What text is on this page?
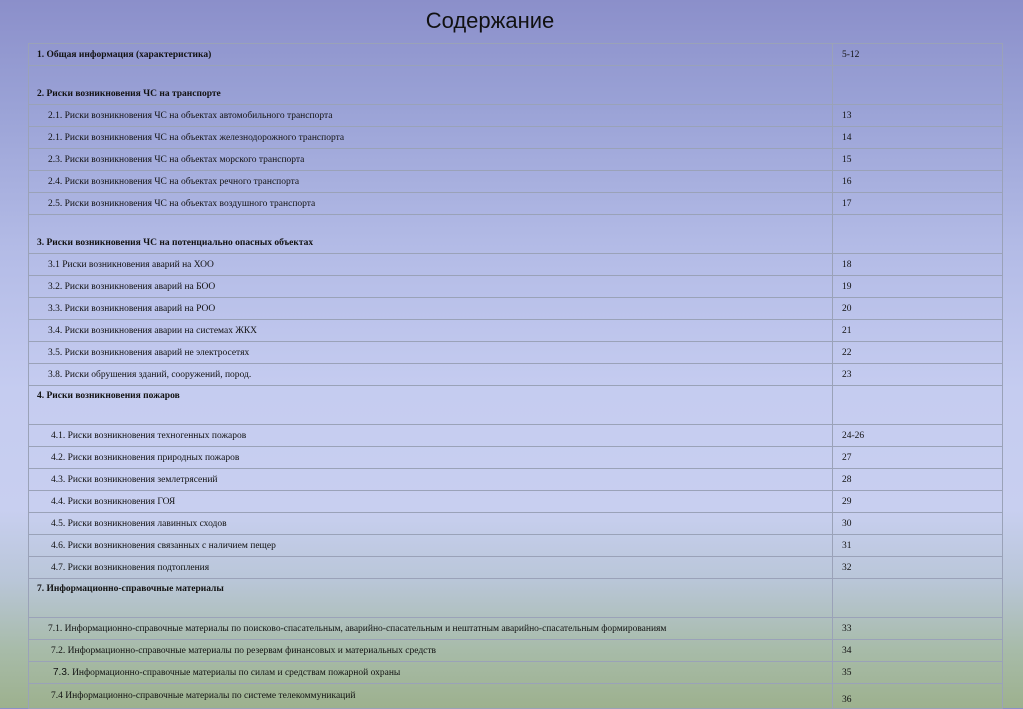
Содержание
1. Общая информация (характеристика)	5-12
2. Риски возникновения ЧС на транспорте	
2.1. Риски возникновения ЧС на объектах автомобильного транспорта	13
2.1. Риски возникновения ЧС на объектах железнодорожного транспорта	14
2.3. Риски возникновения ЧС на объектах морского транспорта	15
2.4. Риски возникновения ЧС на объектах речного транспорта	16
2.5. Риски возникновения ЧС на объектах воздушного транспорта	17
3. Риски возникновения ЧС на потенциально опасных объектах	
3.1 Риски возникновения аварий на ХОО	18
3.2. Риски возникновения аварий на БОО	19
3.3. Риски возникновения аварий на РОО	20
3.4. Риски возникновения аварии на системах ЖКХ	21
3.5. Риски возникновения аварий не электросетях	22
3.8. Риски обрушения зданий, сооружений, пород.	23
4. Риски возникновения пожаров	
4.1. Риски возникновения техногенных пожаров	24-26
4.2. Риски возникновения природных пожаров	27
4.3. Риски возникновения землетрясений	28
4.4. Риски возникновения ГОЯ	29
4.5. Риски возникновения лавинных сходов	30
4.6. Риски возникновения связанных с наличием пещер	31
4.7. Риски возникновения подтопления	32
7. Информационно-справочные материалы	
7.1. Информационно-справочные материалы по поисково-спасательным, аварийно-спасательным и нештатным аварийно-спасательным формированиям	33
7.2. Информационно-справочные материалы по резервам финансовых и материальных средств	34
7.3. Информационно-справочные материалы по силам и средствам пожарной охраны	35
7.4 Информационно-справочные материалы по системе телекоммуникаций	36
